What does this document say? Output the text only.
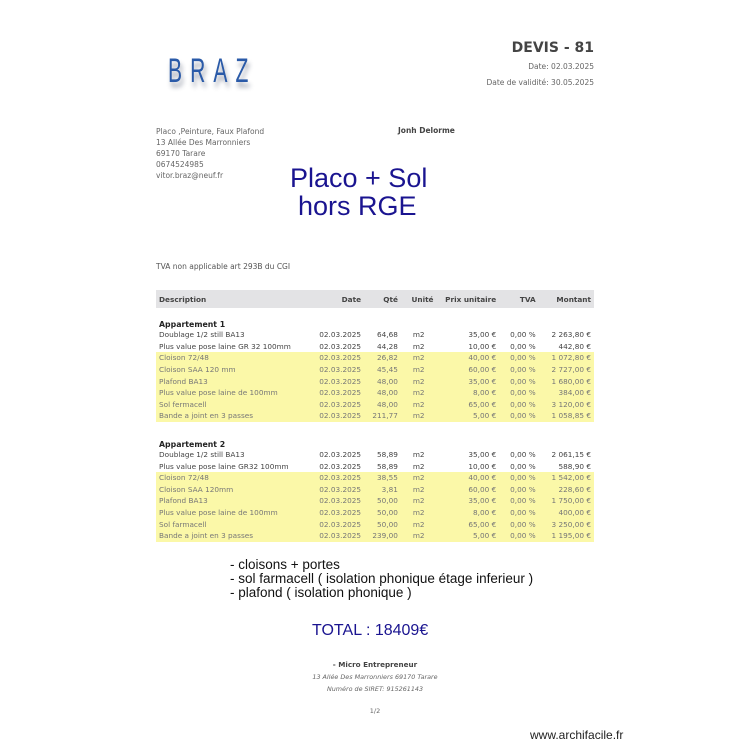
BRAZ
DEVIS - 81
Date: 02.03.2025
Date de validité: 30.05.2025
Placo ,Peinture, Faux Plafond
13 Allée Des Marronniers
69170 Tarare
0674524985
vitor.braz@neuf.fr
Jonh Delorme
Placo + Sol
hors RGE
TVA non applicable art 293B du CGI
Description	Date	Qté	Unité	Prix unitaire	TVA	Montant
Appartement 1						
Doublage 1/2 still BA13	02.03.2025	64,68	m2	35,00 €	0,00 %	2 263,80 €
Plus value pose laine GR 32 100mm	02.03.2025	44,28	m2	10,00 €	0,00 %	442,80 €
Cloison 72/48	02.03.2025	26,82	m2	40,00 €	0,00 %	1 072,80 €
Cloison SAA 120 mm	02.03.2025	45,45	m2	60,00 €	0,00 %	2 727,00 €
Plafond BA13	02.03.2025	48,00	m2	35,00 €	0,00 %	1 680,00 €
Plus value pose laine de 100mm	02.03.2025	48,00	m2	8,00 €	0,00 %	384,00 €
Sol fermacell	02.03.2025	48,00	m2	65,00 €	0,00 %	3 120,00 €
Bande a joint en 3 passes	02.03.2025	211,77	m2	5,00 €	0,00 %	1 058,85 €

Appartement 2						
Doublage 1/2 still BA13	02.03.2025	58,89	m2	35,00 €	0,00 %	2 061,15 €
Plus value pose laine GR32 100mm	02.03.2025	58,89	m2	10,00 €	0,00 %	588,90 €
Cloison 72/48	02.03.2025	38,55	m2	40,00 €	0,00 %	1 542,00 €
Cloison SAA 120mm	02.03.2025	3,81	m2	60,00 €	0,00 %	228,60 €
Plafond BA13	02.03.2025	50,00	m2	35,00 €	0,00 %	1 750,00 €
Plus value pose laine de 100mm	02.03.2025	50,00	m2	8,00 €	0,00 %	400,00 €
Sol farmacell	02.03.2025	50,00	m2	65,00 €	0,00 %	3 250,00 €
Bande a joint en 3 passes	02.03.2025	239,00	m2	5,00 €	0,00 %	1 195,00 €
- cloisons + portes
- sol farmacell ( isolation phonique étage inferieur )
- plafond ( isolation phonique )
TOTAL : 18409€
- Micro Entrepreneur
13 Allée Des Marronniers 69170 Tarare
Numéro de SIRET: 915261143
1/2
www.archifacile.fr
